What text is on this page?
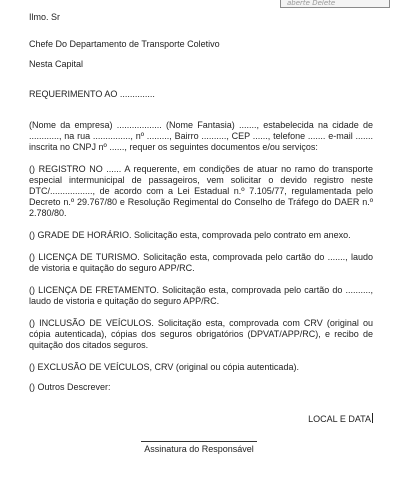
aberte Delete

Ilmo. Sr

Chefe Do Departamento de Transporte Coletivo

Nesta Capital

REQUERIMENTO AO ..............

(Nome da empresa) .................. (Nome Fantasia) ......., estabelecida na cidade de ............, na rua ..............., nº ........., Bairro .........., CEP ......, telefone ....... e-mail ....... inscrita no CNPJ nº ......, requer os seguintes documentos e/ou serviços:

() REGISTRO NO ...... A requerente, em condições de atuar no ramo do transporte especial intermunicipal de passageiros, vem solicitar o devido registro neste DTC/................., de acordo com a Lei Estadual n.º 7.105/77, regulamentada pelo Decreto n.º 29.767/80 e Resolução Regimental do Conselho de Tráfego do DAER n.º 2.780/80.

() GRADE DE HORÁRIO. Solicitação esta, comprovada pelo contrato em anexo.

() LICENÇA DE TURISMO. Solicitação esta, comprovada pelo cartão do ......., laudo de vistoria e quitação do seguro APP/RC.

() LICENÇA DE FRETAMENTO. Solicitação esta, comprovada pelo cartão do .........., laudo de vistoria e quitação do seguro APP/RC.

() INCLUSÃO DE VEÍCULOS. Solicitação esta, comprovada com CRV (original ou cópia autenticada), cópias dos seguros obrigatórios (DPVAT/APP/RC), e recibo de quitação dos citados seguros.

() EXCLUSÃO DE VEÍCULOS, CRV (original ou cópia autenticada).

() Outros Descrever:

LOCAL E DATA

Assinatura do Responsável
